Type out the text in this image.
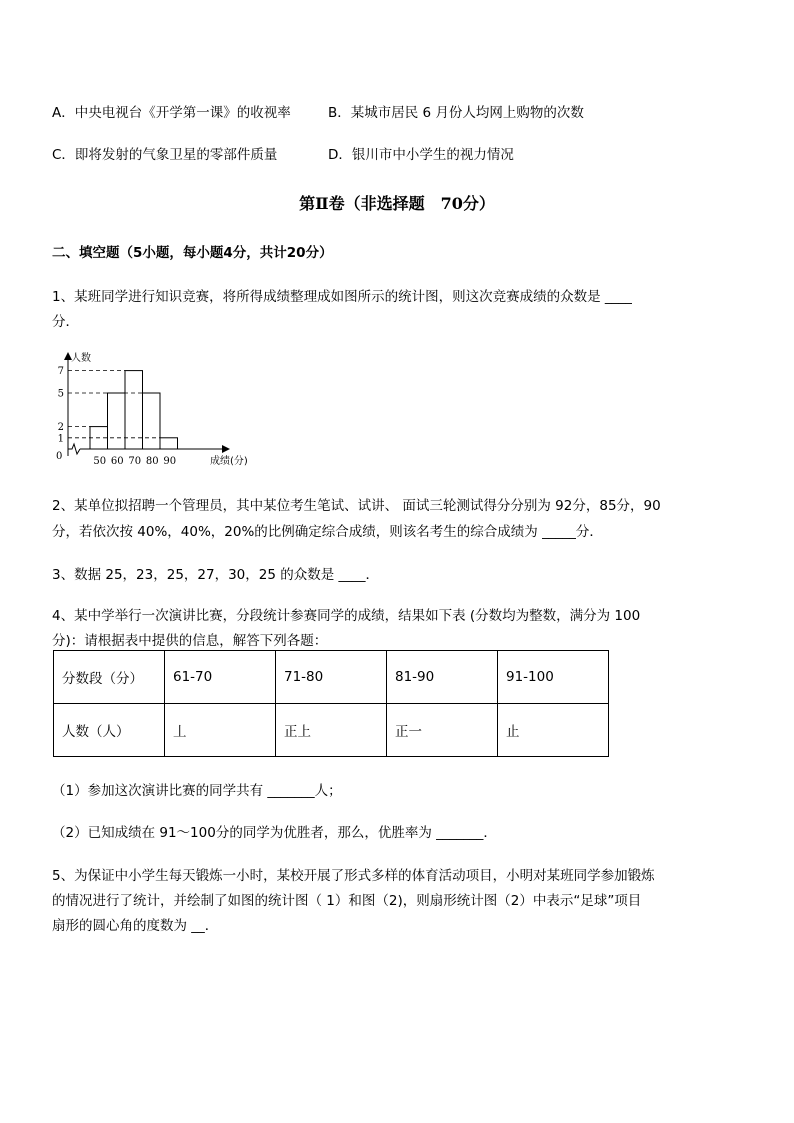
A．中央电视台《开学第一课》的收视率	B．某城市居民 6 月份人均网上购物的次数
C．即将发射的气象卫星的零部件质量	D．银川市中小学生的视力情况
第Ⅱ卷（非选择题　70分）
二、填空题（5小题，每小题4分，共计20分）
1、某班同学进行知识竞赛，将所得成绩整理成如图所示的统计图，则这次竞赛成绩的众数是 ____
分．
1
2
5
7
50 60 70 80 90
人数
成绩(分)
0
2、某单位拟招聘一个管理员，其中某位考生笔试、试讲、 面试三轮测试得分分别为 92分，85分，90
分，若依次按 40%，40%，20%的比例确定综合成绩，则该名考生的综合成绩为 _____分．
3、数据 25，23，25，27，30，25 的众数是 ____．
4、某中学举行一次演讲比赛，分段统计参赛同学的成绩，结果如下表 (分数均为整数，满分为 100
分)：请根据表中提供的信息，解答下列各题：
分数段（分）	61-70	71-80	81-90	91-100
人数（人）	丄	正上	正一	止
（1）参加这次演讲比赛的同学共有 _______人；
（2）已知成绩在 91～100分的同学为优胜者，那么，优胜率为 _______．
5、为保证中小学生每天锻炼一小时，某校开展了形式多样的体育活动项目，小明对某班同学参加锻炼
的情况进行了统计，并绘制了如图的统计图（ 1）和图（2)，则扇形统计图（2）中表示“足球”项目
扇形的圆心角的度数为 __．
